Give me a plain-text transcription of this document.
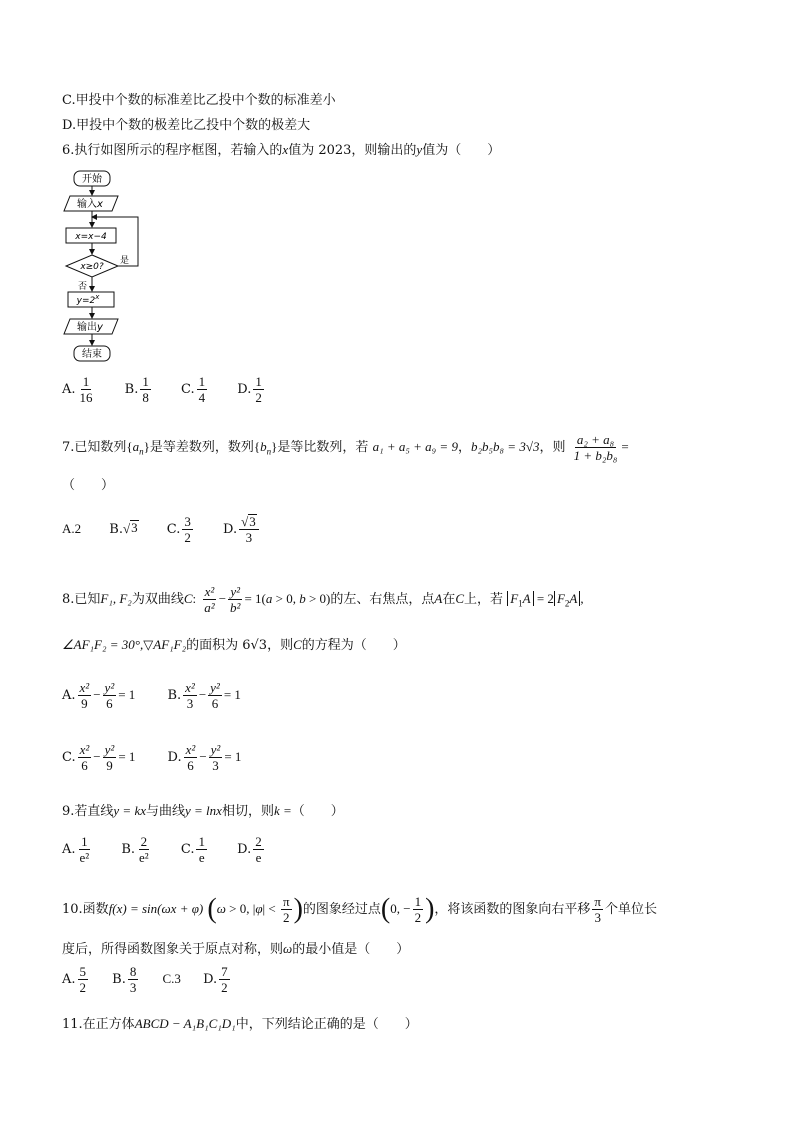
C.甲投中个数的标准差比乙投中个数的标准差小
D.甲投中个数的极差比乙投中个数的极差大
6.执行如图所示的程序框图，若输入的x值为 2023，则输出的y值为（　　）
开始
输入x
x=x−4
x≥0?
是
否
$y=2^x$
输出y
结束
A. $\frac{1}{16} B$. $\frac{1}{8} C$. $\frac{1}{4} D$. $\frac{1}{2}$
7.已知数列$\{a_n\}$是等差数列，数列$\{b_n\}$是等比数列，若 a₁ + a₅ + a₉ = 9，b₂b₅b₈ = 3√3，则 $\frac{\text{a₂ + a₈}}{\text{1 + b₂b₈}}$ =
（　　）
A.2 B.√ 3 C. $\frac{3}{2} D$. $\frac{√ 3}{3}$
8.已知F₁, F₂为双曲线C: $\frac{\text{x²}}{\text{a²}} - \frac{\text{y²}}{\text{b²}} = 1(a > 0$, b > 0)的左、右焦点，点A在C上，若 $F_1A = 2$ $F_2A$ ,
∠AF₁F₂ = 30°,▽AF₁F₂的面积为 6√3，则C的方程为（　　）
A. $\frac{\text{x²}}{9} - \frac{\text{y²}}{6} = 1$ B. $\frac{\text{x²}}{3} - \frac{\text{y²}}{6} = 1$
C. $\frac{\text{x²}}{6} - \frac{\text{y²}}{9} = 1$ D. $\frac{\text{x²}}{6} - \frac{\text{y²}}{3} = 1$
9.若直线y = kx与曲线y = lnx相切，则k =（　　）
A. $\frac{1}{\text{e²}} B$. $\frac{2}{\text{e²}} C$. $\frac{1}{e} D$. $\frac{2}{e}$
10.函数f(x) = sin(ωx + φ) (ω > 0, $|\varphi| < \frac{\pi}{2}$ )的图象经过点(0, − $\frac{1}{2}$ )，将该函数的图象向右平移 $\frac{\pi}{3}$ 个单位长
度后，所得函数图象关于原点对称，则ω的最小值是（　　）
A. $\frac{5}{2} B$. $\frac{8}{3} C.3$ D. $\frac{7}{2}$
11.在正方体ABCD − A₁B₁C₁D₁中，下列结论正确的是（　　）
